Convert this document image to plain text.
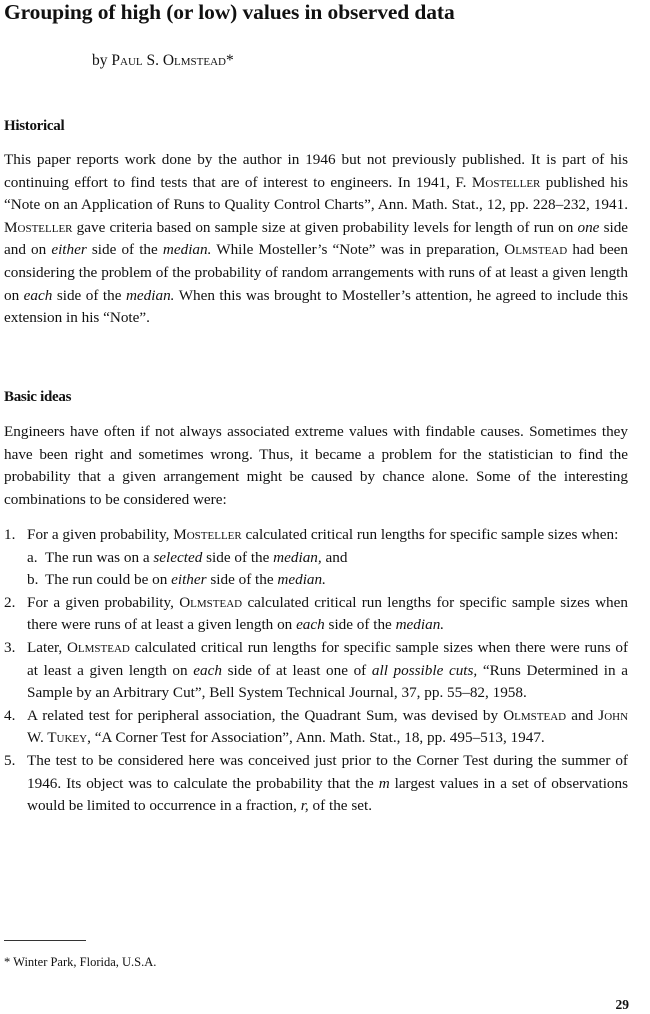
Grouping of high (or low) values in observed data
by Paul S. Olmstead*
Historical

This paper reports work done by the author in 1946 but not previously published. It is part of his continuing effort to find tests that are of interest to engineers. In 1941, F. Mosteller published his “Note on an Application of Runs to Quality Control Charts”, Ann. Math. Stat., 12, pp. 228–232, 1941. Mosteller gave criteria based on sample size at given probability levels for length of run on one side and on either side of the median. While Mosteller’s “Note” was in preparation, Olmstead had been considering the problem of the probability of random arrangements with runs of at least a given length on each side of the median. When this was brought to Mosteller’s attention, he agreed to include this extension in his “Note”.

Basic ideas

Engineers have often if not always associated extreme values with findable causes. Sometimes they have been right and sometimes wrong. Thus, it became a problem for the statistician to find the probability that a given arrangement might be caused by chance alone. Some of the interesting combinations to be considered were:

1. For a given probability, Mosteller calculated critical run lengths for specific sample sizes when:
a. The run was on a selected side of the median, and
b. The run could be on either side of the median.
2. For a given probability, Olmstead calculated critical run lengths for specific sample sizes when there were runs of at least a given length on each side of the median.
3. Later, Olmstead calculated critical run lengths for specific sample sizes when there were runs of at least a given length on each side of at least one of all possible cuts, “Runs Determined in a Sample by an Arbitrary Cut”, Bell System Technical Journal, 37, pp. 55–82, 1958.
4. A related test for peripheral association, the Quadrant Sum, was devised by Olmstead and John W. Tukey, “A Corner Test for Association”, Ann. Math. Stat., 18, pp. 495–513, 1947.
5. The test to be considered here was conceived just prior to the Corner Test during the summer of 1946. Its object was to calculate the probability that the m largest values in a set of observations would be limited to occurrence in a fraction, r, of the set.
* Winter Park, Florida, U.S.A.
29
